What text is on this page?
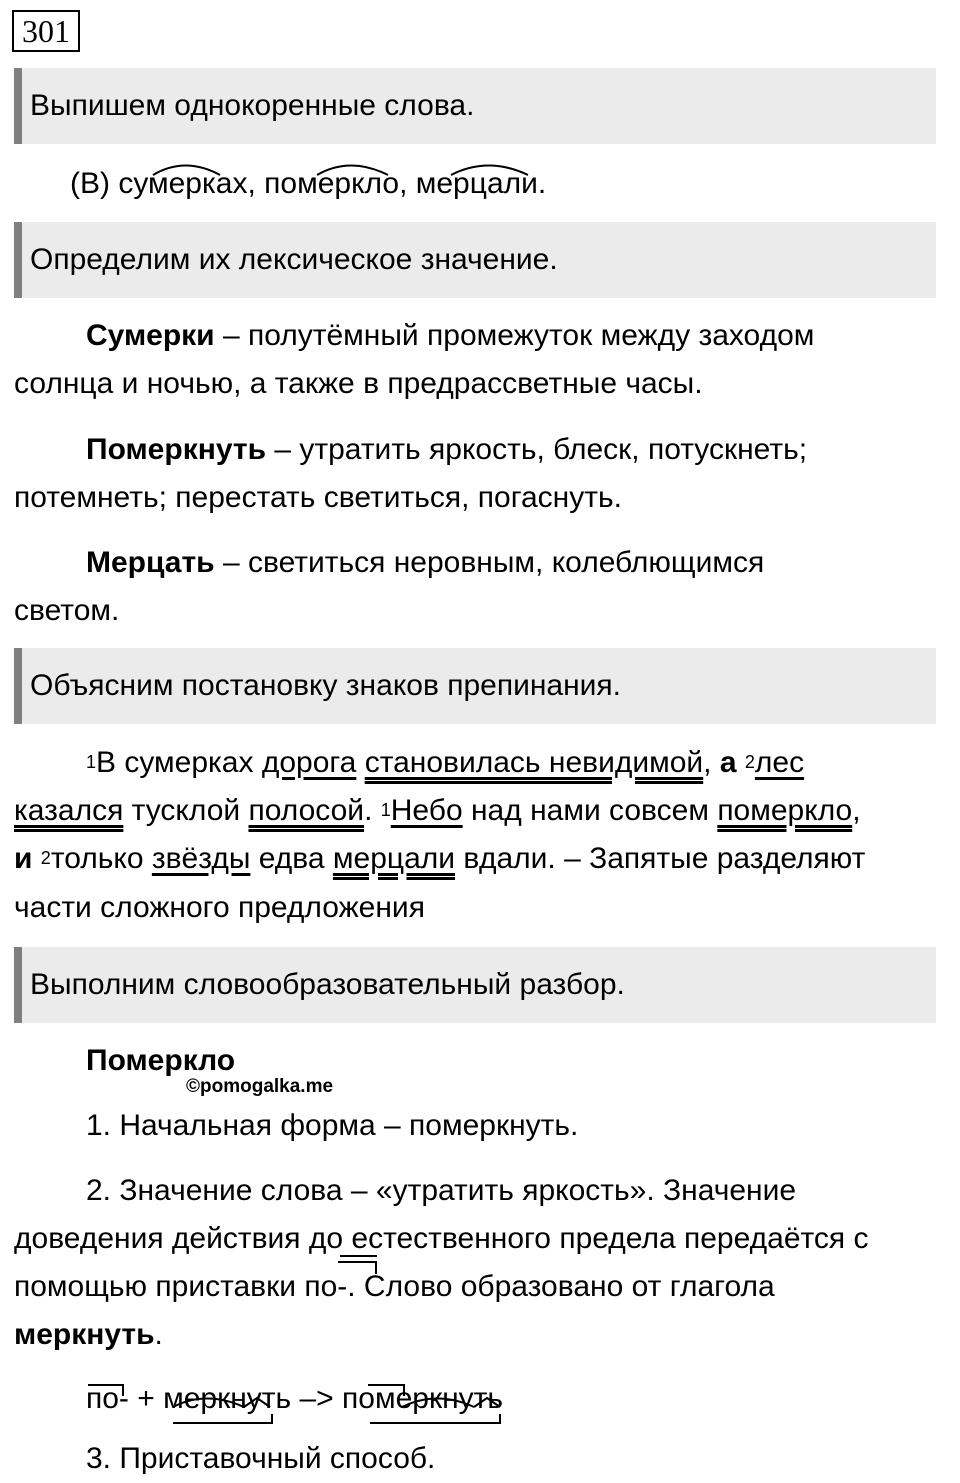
301
Выпишем однокоренные слова.
(В) сумерках, померкло, мерцали.
Определим их лексическое значение.
Сумерки – полутёмный промежуток между заходом
солнца и ночью, а также в предрассветные часы.
Померкнуть – утратить яркость, блеск, потускнеть;
потемнеть; перестать светиться, погаснуть.
Мерцать – светиться неровным, колеблющимся
светом.
Объясним постановку знаков препинания.
$^1$В сумерках дорога становилась невидимой, а $^2$лес
казался тусклой полосой. $^1$Небо над нами совсем померкло,
и $^2$только звёзды едва мерцали вдали. – Запятые разделяют
части сложного предложения
Выполним словообразовательный разбор.
Померкло
©pomogalka.me
1. Начальная форма – померкнуть.
2. Значение слова – «утратить яркость». Значение
доведения действия до естественного предела передаётся с
помощью приставки по-. Слово образовано от глагола
меркнуть.
по- + меркнуть –> померкнуть
3. Приставочный способ.
